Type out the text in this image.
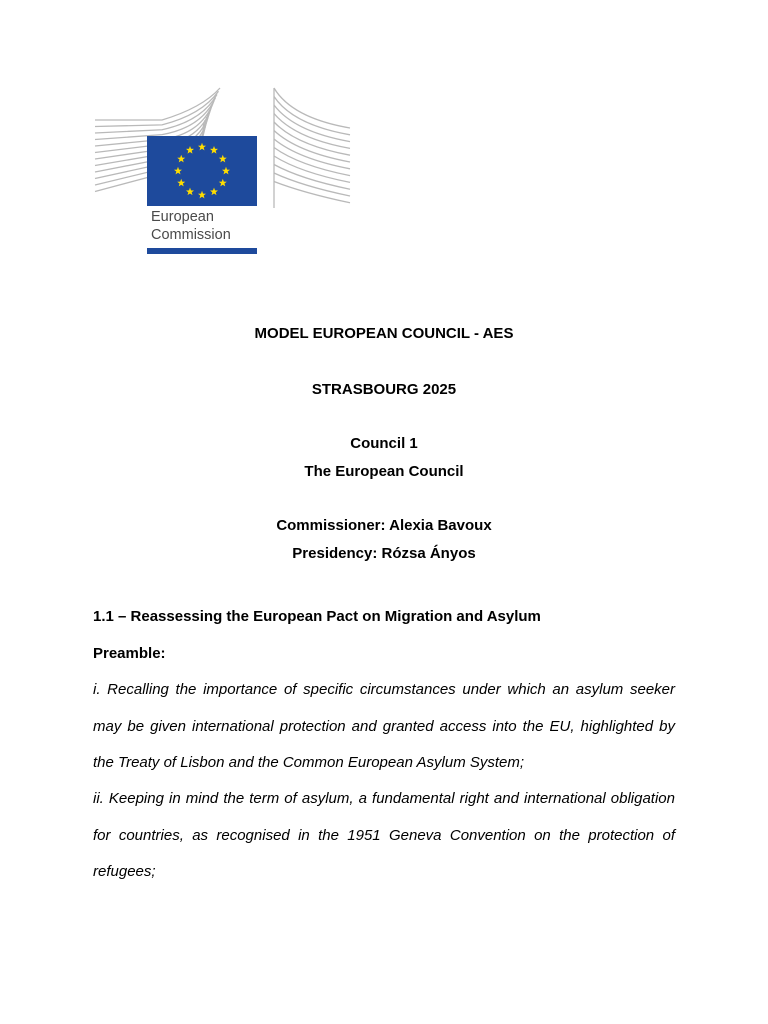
European
Commission
MODEL EUROPEAN COUNCIL - AES
STRASBOURG 2025
Council 1
The European Council
Commissioner: Alexia Bavoux
Presidency: Rózsa Ányos
1.1 – Reassessing the European Pact on Migration and Asylum
Preamble:
i. Recalling the importance of specific circumstances under which an asylum seeker may be given international protection and granted access into the EU, highlighted by the Treaty of Lisbon and the Common European Asylum System;
ii. Keeping in mind the term of asylum, a fundamental right and international obligation for countries, as recognised in the 1951 Geneva Convention on the protection of refugees;
